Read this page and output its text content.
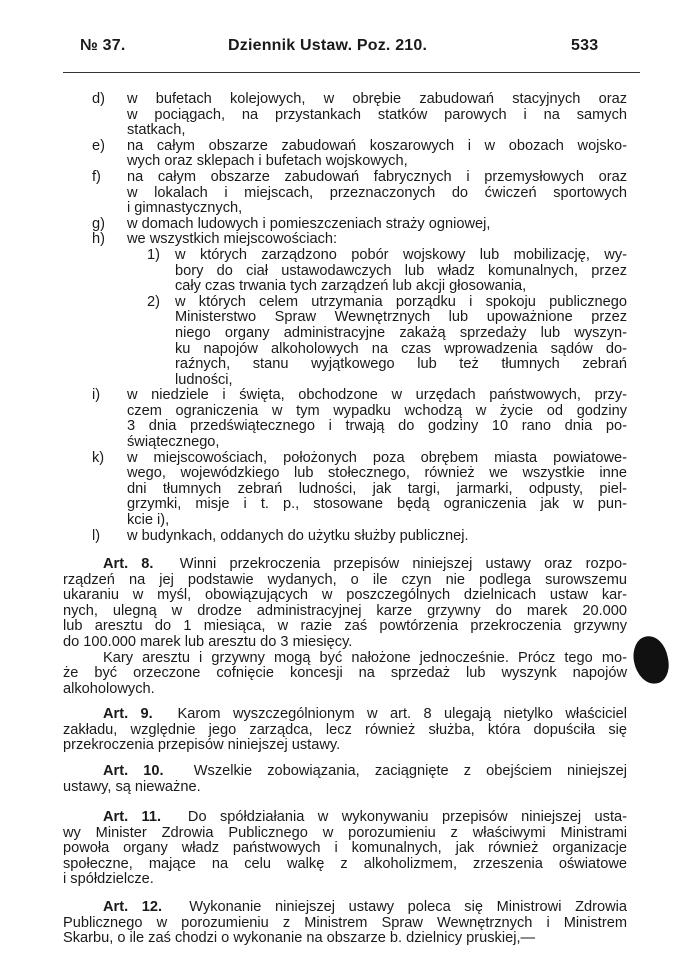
№ 37.	Dziennik Ustaw. Poz. 210.	533
d) w bufetach kolejowych, w obrębie zabudowań stacyjnych oraz
w pociągach, na przystankach statków parowych i na samych
statkach,
e) na całym obszarze zabudowań koszarowych i w obozach wojsko-
wych oraz sklepach i bufetach wojskowych,
f) na całym obszarze zabudowań fabrycznych i przemysłowych oraz
w lokalach i miejscach, przeznaczonych do ćwiczeń sportowych
i gimnastycznych,
g) w domach ludowych i pomieszczeniach straży ogniowej,
h) we wszystkich miejscowościach:
1) w których zarządzono pobór wojskowy lub mobilizację, wy-
bory do ciał ustawodawczych lub władz komunalnych, przez
cały czas trwania tych zarządzeń lub akcji głosowania,
2) w których celem utrzymania porządku i spokoju publicznego
Ministerstwo Spraw Wewnętrznych lub upoważnione przez
niego organy administracyjne zakażą sprzedaży lub wyszyn-
ku napojów alkoholowych na czas wprowadzenia sądów do-
raźnych, stanu wyjątkowego lub też tłumnych zebrań
ludności,
i) w niedziele i święta, obchodzone w urzędach państwowych, przy-
czem ograniczenia w tym wypadku wchodzą w życie od godziny
3 dnia przedświątecznego i trwają do godziny 10 rano dnia po-
świątecznego,
k) w miejscowościach, położonych poza obrębem miasta powiatowe-
wego, wojewódzkiego lub stołecznego, również we wszystkie inne
dni tłumnych zebrań ludności, jak targi, jarmarki, odpusty, piel-
grzymki, misje i t. p., stosowane będą ograniczenia jak w pun-
kcie i),
l) w budynkach, oddanych do użytku służby publicznej.
Art. 8. Winni przekroczenia przepisów niniejszej ustawy oraz rozpo-
rządzeń na jej podstawie wydanych, o ile czyn nie podlega surowszemu
ukaraniu w myśl, obowiązujących w poszczególnych dzielnicach ustaw kar-
nych, ulegną w drodze administracyjnej karze grzywny do marek 20.000
lub aresztu do 1 miesiąca, w razie zaś powtórzenia przekroczenia grzywny
do 100.000 marek lub aresztu do 3 miesięcy.
Kary aresztu i grzywny mogą być nałożone jednocześnie. Prócz tego mo-
że być orzeczone cofnięcie koncesji na sprzedaż lub wyszynk napojów
alkoholowych.
Art. 9. Karom wyszczególnionym w art. 8 ulegają nietylko właściciel
zakładu, względnie jego zarządca, lecz również służba, która dopuściła się
przekroczenia przepisów niniejszej ustawy.
Art. 10. Wszelkie zobowiązania, zaciągnięte z obejściem niniejszej
ustawy, są nieważne.
Art. 11. Do spółdziałania w wykonywaniu przepisów niniejszej usta-
wy Minister Zdrowia Publicznego w porozumieniu z właściwymi Ministrami
powoła organy władz państwowych i komunalnych, jak również organizacje
społeczne, mające na celu walkę z alkoholizmem, zrzeszenia oświatowe
i spółdzielcze.
Art. 12. Wykonanie niniejszej ustawy poleca się Ministrowi Zdrowia
Publicznego w porozumieniu z Ministrem Spraw Wewnętrznych i Ministrem
Skarbu, o ile zaś chodzi o wykonanie na obszarze b. dzielnicy pruskiej,—
